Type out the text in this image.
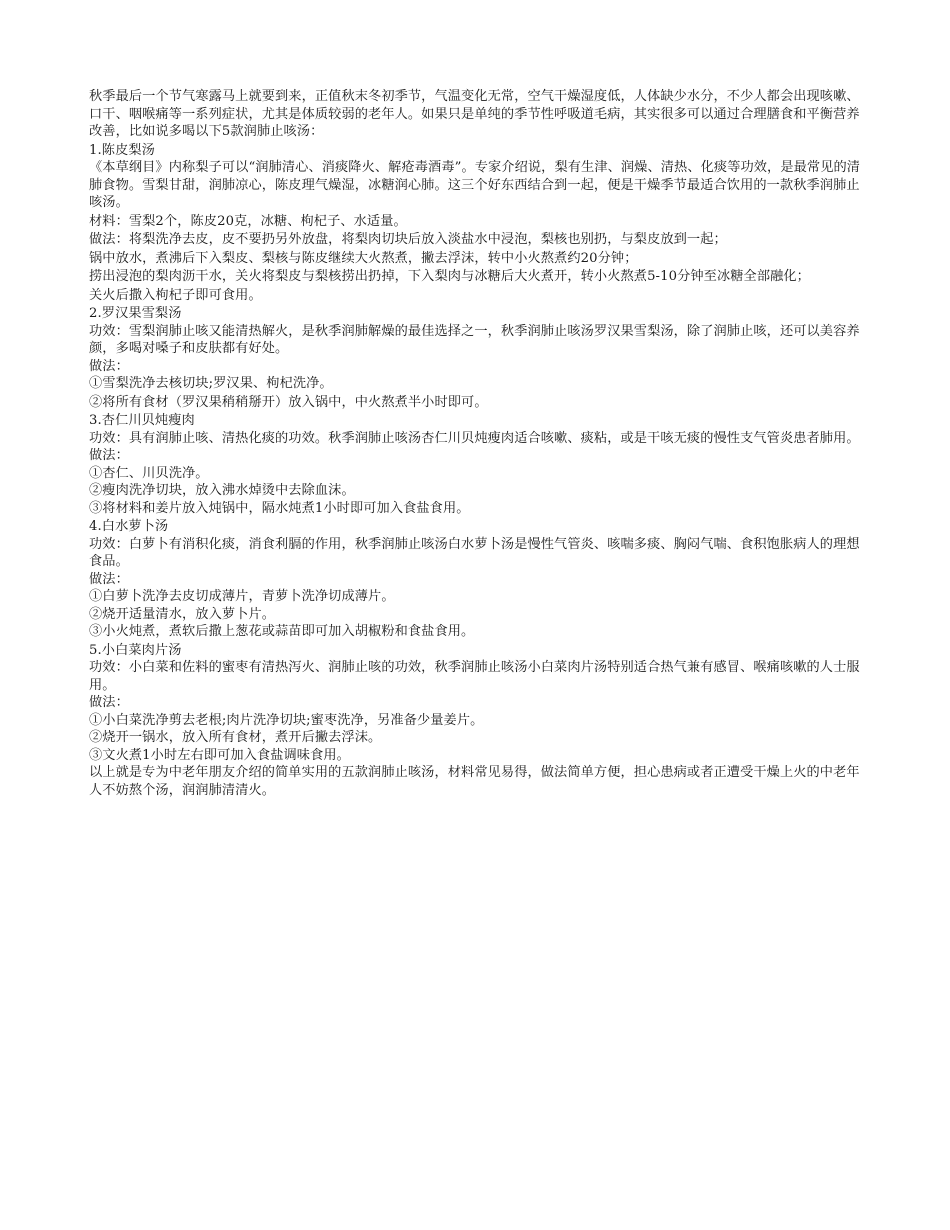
秋季最后一个节气寒露马上就要到来，正值秋末冬初季节，气温变化无常，空气干燥湿度低，人体缺少水分，不少人都会出现咳嗽、口干、咽喉痛等一系列症状，尤其是体质较弱的老年人。如果只是单纯的季节性呼吸道毛病，其实很多可以通过合理膳食和平衡营养改善，比如说多喝以下5款润肺止咳汤：

1.陈皮梨汤

《本草纲目》内称梨子可以“润肺清心、消痰降火、解疮毒酒毒”。专家介绍说，梨有生津、润燥、清热、化痰等功效，是最常见的清肺食物。雪梨甘甜，润肺凉心，陈皮理气燥湿，冰糖润心肺。这三个好东西结合到一起，便是干燥季节最适合饮用的一款秋季润肺止咳汤。

材料：雪梨2个，陈皮20克，冰糖、枸杞子、水适量。

做法：将梨洗净去皮，皮不要扔另外放盘，将梨肉切块后放入淡盐水中浸泡，梨核也别扔，与梨皮放到一起；

锅中放水，煮沸后下入梨皮、梨核与陈皮继续大火熬煮，撇去浮沫，转中小火熬煮约20分钟；

捞出浸泡的梨肉沥干水，关火将梨皮与梨核捞出扔掉，下入梨肉与冰糖后大火煮开，转小火熬煮5-10分钟至冰糖全部融化；

关火后撒入枸杞子即可食用。

2.罗汉果雪梨汤

功效：雪梨润肺止咳又能清热解火，是秋季润肺解燥的最佳选择之一，秋季润肺止咳汤罗汉果雪梨汤，除了润肺止咳，还可以美容养颜，多喝对嗓子和皮肤都有好处。

做法：

①雪梨洗净去核切块;罗汉果、枸杞洗净。

②将所有食材（罗汉果稍稍掰开）放入锅中，中火熬煮半小时即可。

3.杏仁川贝炖瘦肉

功效：具有润肺止咳、清热化痰的功效。秋季润肺止咳汤杏仁川贝炖瘦肉适合咳嗽、痰粘，或是干咳无痰的慢性支气管炎患者肺用。

做法：

①杏仁、川贝洗净。

②瘦肉洗净切块，放入沸水焯烫中去除血沫。

③将材料和姜片放入炖锅中，隔水炖煮1小时即可加入食盐食用。

4.白水萝卜汤

功效：白萝卜有消积化痰，消食利膈的作用，秋季润肺止咳汤白水萝卜汤是慢性气管炎、咳喘多痰、胸闷气喘、食积饱胀病人的理想食品。

做法：

①白萝卜洗净去皮切成薄片，青萝卜洗净切成薄片。

②烧开适量清水，放入萝卜片。

③小火炖煮，煮软后撒上葱花或蒜苗即可加入胡椒粉和食盐食用。

5.小白菜肉片汤

功效：小白菜和佐料的蜜枣有清热泻火、润肺止咳的功效，秋季润肺止咳汤小白菜肉片汤特别适合热气兼有感冒、喉痛咳嗽的人士服用。

做法：

①小白菜洗净剪去老根;肉片洗净切块;蜜枣洗净，另准备少量姜片。

②烧开一锅水，放入所有食材，煮开后撇去浮沫。

③文火煮1小时左右即可加入食盐调味食用。

以上就是专为中老年朋友介绍的简单实用的五款润肺止咳汤，材料常见易得，做法简单方便，担心患病或者正遭受干燥上火的中老年人不妨熬个汤，润润肺清清火。
